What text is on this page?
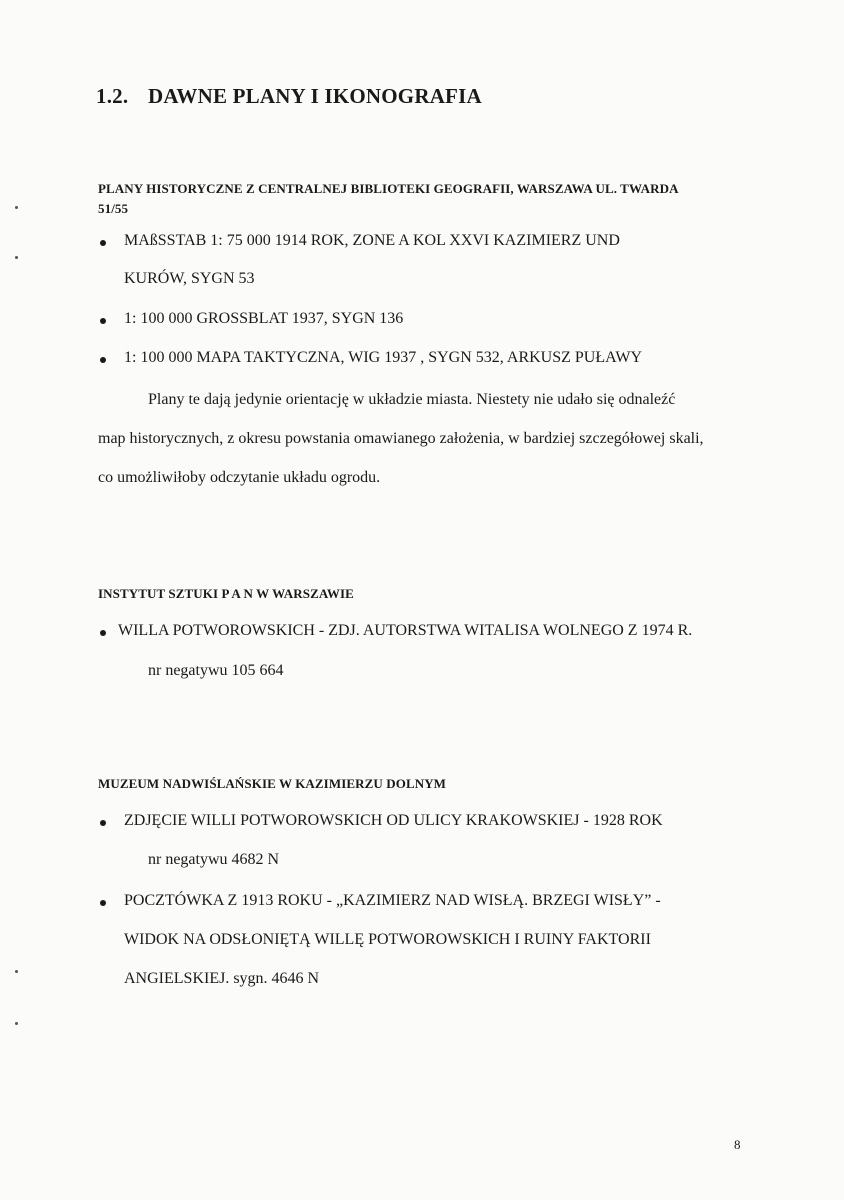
1.2. DAWNE PLANY I IKONOGRAFIA
PLANY HISTORYCZNE Z CENTRALNEJ BIBLIOTEKI GEOGRAFII, WARSZAWA UL. TWARDA
51/55
MAßSSTAB 1: 75 000 1914 ROK, ZONE A KOL XXVI KAZIMIERZ UND
KURÓW, SYGN 53
1: 100 000 GROSSBLAT 1937, SYGN 136
1: 100 000 MAPA TAKTYCZNA, WIG 1937 , SYGN 532, ARKUSZ PUŁAWY
Plany te dają jedynie orientację w układzie miasta. Niestety nie udało się odnaleźć
map historycznych, z okresu powstania omawianego założenia, w bardziej szczegółowej skali,
co umożliwiłoby odczytanie układu ogrodu.
INSTYTUT SZTUKI P A N W WARSZAWIE
WILLA POTWOROWSKICH - ZDJ. AUTORSTWA WITALISA WOLNEGO Z 1974 R.
nr negatywu 105 664
MUZEUM NADWIŚLAŃSKIE W KAZIMIERZU DOLNYM
ZDJĘCIE WILLI POTWOROWSKICH OD ULICY KRAKOWSKIEJ - 1928 ROK
nr negatywu 4682 N
POCZTÓWKA Z 1913 ROKU - „KAZIMIERZ NAD WISŁĄ. BRZEGI WISŁY” -
WIDOK NA ODSŁONIĘTĄ WILLĘ POTWOROWSKICH I RUINY FAKTORII
ANGIELSKIEJ. sygn. 4646 N
8
